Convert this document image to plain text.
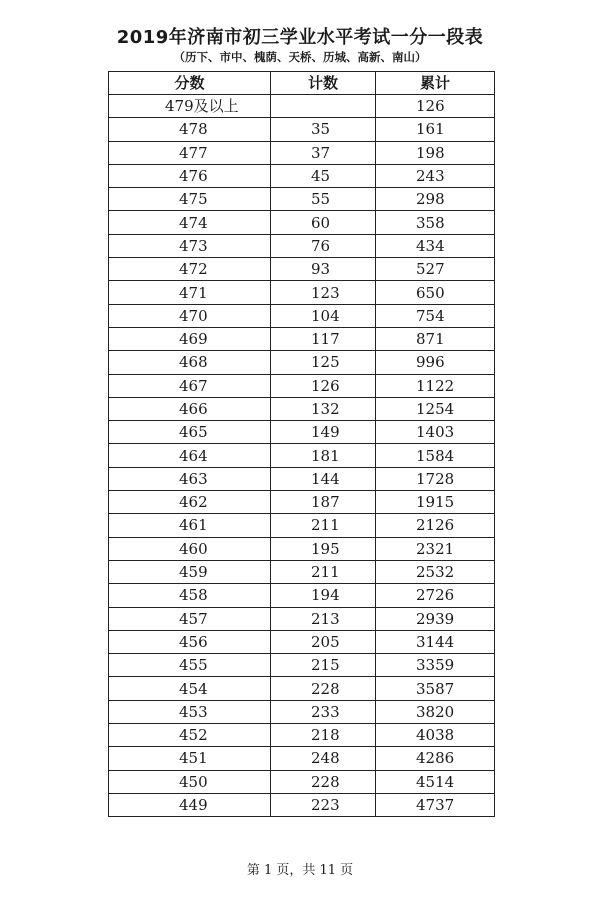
2019年济南市初三学业水平考试一分一段表
（历下、市中、槐荫、天桥、历城、高新、南山）
分数	计数	累计
479及以上		126
478	35	161
477	37	198
476	45	243
475	55	298
474	60	358
473	76	434
472	93	527
471	123	650
470	104	754
469	117	871
468	125	996
467	126	1122
466	132	1254
465	149	1403
464	181	1584
463	144	1728
462	187	1915
461	211	2126
460	195	2321
459	211	2532
458	194	2726
457	213	2939
456	205	3144
455	215	3359
454	228	3587
453	233	3820
452	218	4038
451	248	4286
450	228	4514
449	223	4737
第 1 页，共 11 页
